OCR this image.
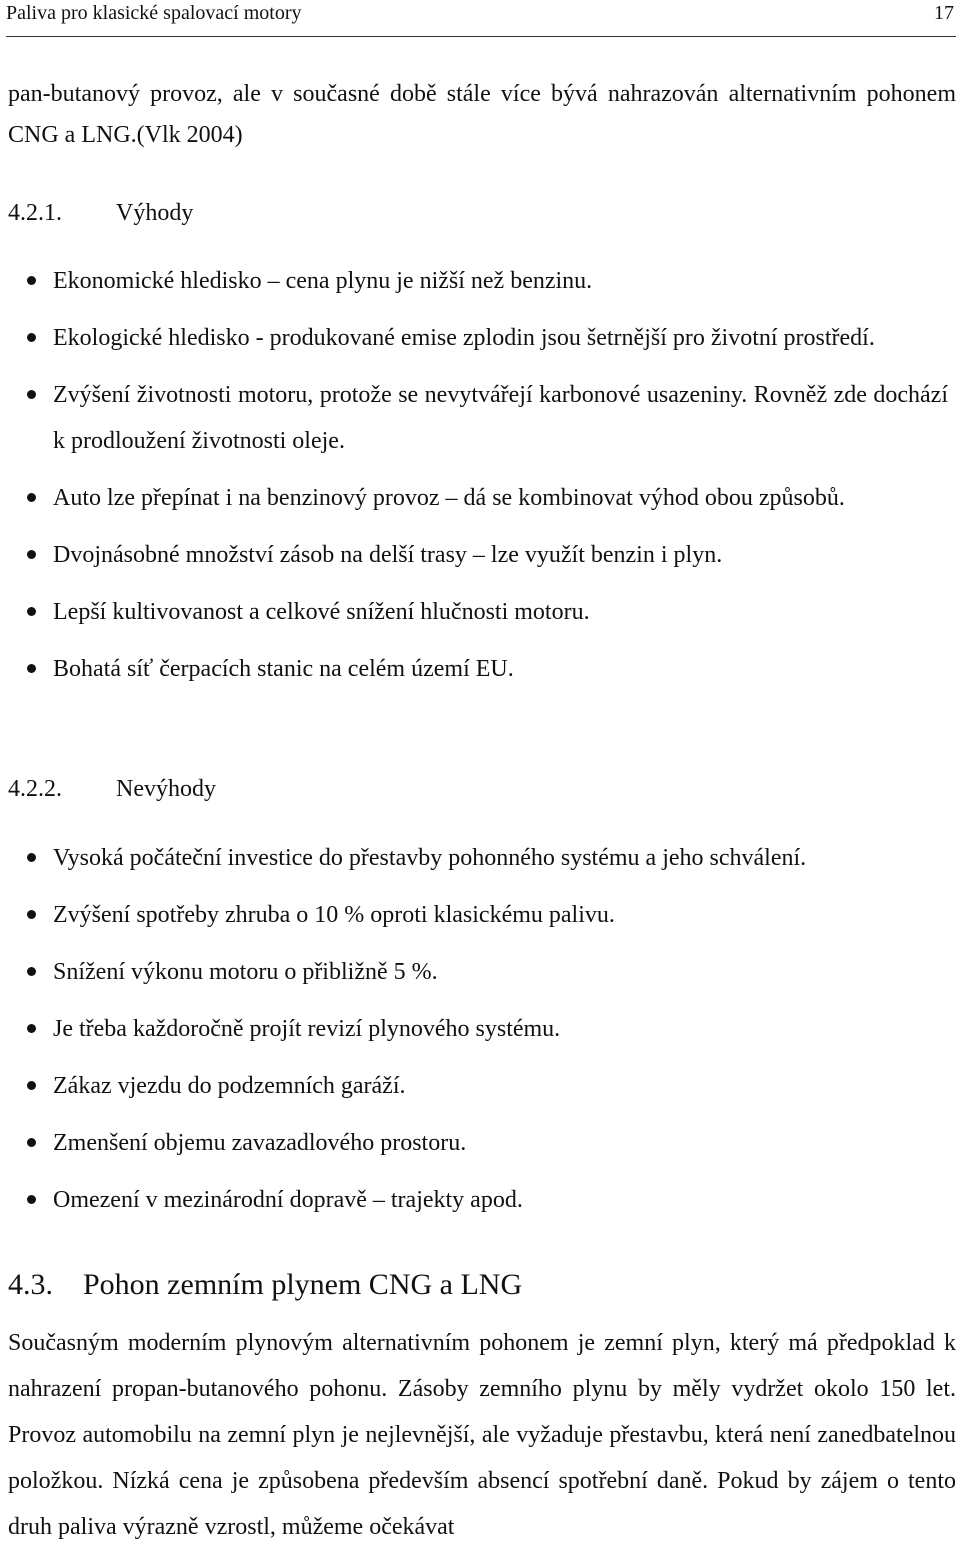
Paliva pro klasické spalovací motory	17
pan-butanový provoz, ale v současné době stále více bývá nahrazován alternativním pohonem CNG a LNG.(Vlk 2004)
4.2.1. Výhody
Ekonomické hledisko – cena plynu je nižší než benzinu.
Ekologické hledisko - produkované emise zplodin jsou šetrnější pro životní prostředí.
Zvýšení životnosti motoru, protože se nevytvářejí karbonové usazeniny. Rovněž zde dochází k prodloužení životnosti oleje.
Auto lze přepínat i na benzinový provoz – dá se kombinovat výhod obou způsobů.
Dvojnásobné množství zásob na delší trasy – lze využít benzin i plyn.
Lepší kultivovanost a celkové snížení hlučnosti motoru.
Bohatá síť čerpacích stanic na celém území EU.
4.2.2. Nevýhody
Vysoká počáteční investice do přestavby pohonného systému a jeho schválení.
Zvýšení spotřeby zhruba o 10 % oproti klasickému palivu.
Snížení výkonu motoru o přibližně 5 %.
Je třeba každoročně projít revizí plynového systému.
Zákaz vjezdu do podzemních garáží.
Zmenšení objemu zavazadlového prostoru.
Omezení v mezinárodní dopravě – trajekty apod.
4.3. Pohon zemním plynem CNG a LNG
Současným moderním plynovým alternativním pohonem je zemní plyn, který má předpoklad k nahrazení propan-butanového pohonu. Zásoby zemního plynu by měly vydržet okolo 150 let. Provoz automobilu na zemní plyn je nejlevnější, ale vyžaduje přestavbu, která není zanedbatelnou položkou. Nízká cena je způsobena především absencí spotřební daně. Pokud by zájem o tento druh paliva výrazně vzrostl, můžeme očekávat
